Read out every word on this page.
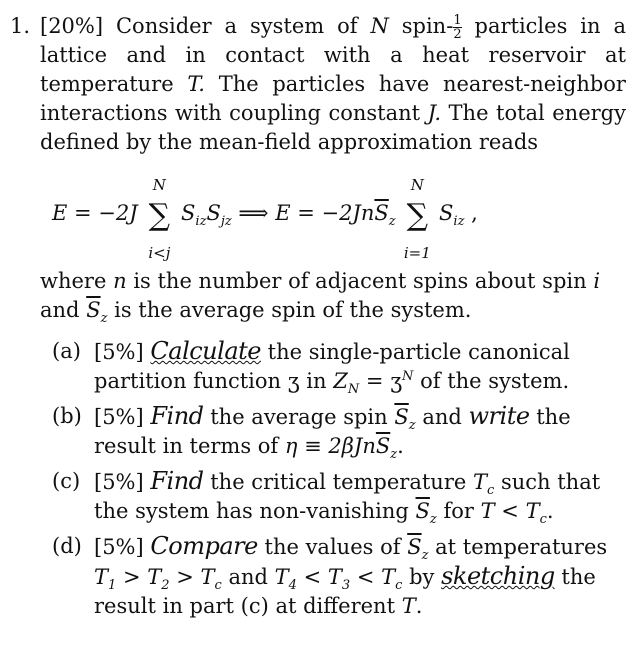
1. [20%] Consider a system of N spin- $\frac{1}{2}$ particles in a lattice and in contact with a heat reservoir at temperature T. The particles have nearest-neighbor interactions with coupling constant J. The total energy defined by the mean-field approximation reads
E = −2J ∑
N
i<j
$S_{iz}S_{jz}$ ⟹ $E = -2Jn\overline{S}_z$ ∑
N
i=1
$S_{iz}$ ,
where n is the number of adjacent spins about spin i and $\overline{S}_z$ is the average spin of the system.
(a) [5%] Calculate the single-particle canonical partition function ʒ in $Z_N$ = ʒ$^N$ of the system.
(b) [5%] Find the average spin $\overline{S}_z$ and write the result in terms of $\eta \equiv 2\beta Jn\overline{S}_z$.
(c) [5%] Find the critical temperature $T_c$ such that the system has non-vanishing $\overline{S}_z$ for $T < T_c$.
(d) [5%] Compare the values of $\overline{S}_z$ at temperatures $T_1 > T_2 > T_c$ and $T_4 < T_3 < T_c$ by sketching the result in part (c) at different T.
